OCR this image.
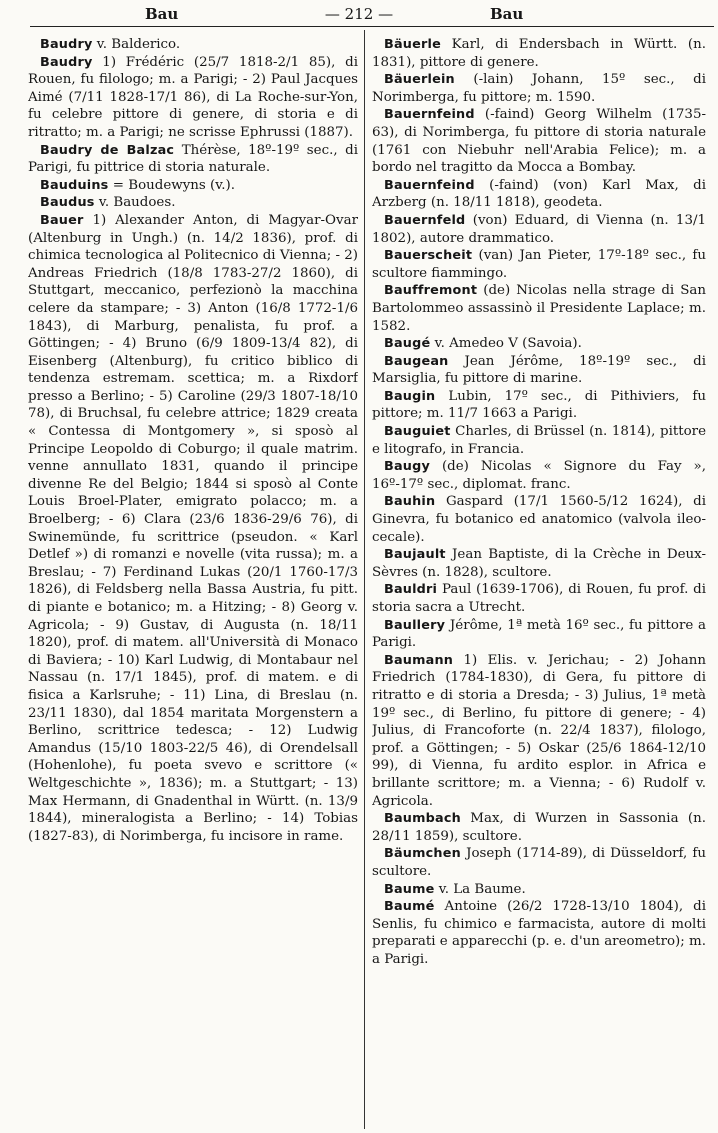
Bau	— 212 —	Bau

Baudry v. Balderico.

Baudry 1) Frédéric (25/7 1818-2/1 85), di Rouen, fu filologo; m. a Parigi; - 2) Paul Jacques Aimé (7/11 1828-17/1 86), di La Roche-sur-Yon, fu celebre pittore di genere, di storia e di ritratto; m. a Parigi; ne scrisse Ephrussi (1887).

Baudry de Balzac Thérèse, 18º-19º sec., di Parigi, fu pittrice di storia naturale.

Bauduins = Boudewyns (v.).

Baudus v. Baudoes.

Bauer 1) Alexander Anton, di Magyar-Ovar (Altenburg in Ungh.) (n. 14/2 1836), prof. di chimica tecnologica al Politecnico di Vienna; - 2) Andreas Friedrich (18/8 1783-27/2 1860), di Stuttgart, meccanico, perfezionò la macchina celere da stampare; - 3) Anton (16/8 1772-1/6 1843), di Marburg, penalista, fu prof. a Göttingen; - 4) Bruno (6/9 1809-13/4 82), di Eisenberg (Altenburg), fu critico biblico di tendenza estremam. scettica; m. a Rixdorf presso a Berlino; - 5) Caroline (29/3 1807-18/10 78), di Bruchsal, fu celebre attrice; 1829 creata « Contessa di Montgomery », si sposò al Principe Leopoldo di Coburgo; il quale matrim. venne annullato 1831, quando il principe divenne Re del Belgio; 1844 si sposò al Conte Louis Broel-Plater, emigrato polacco; m. a Broelberg; - 6) Clara (23/6 1836-29/6 76), di Swinemünde, fu scrittrice (pseudon. « Karl Detlef ») di romanzi e novelle (vita russa); m. a Breslau; - 7) Ferdinand Lukas (20/1 1760-17/3 1826), di Feldsberg nella Bassa Austria, fu pitt. di piante e botanico; m. a Hitzing; - 8) Georg v. Agricola; - 9) Gustav, di Augusta (n. 18/11 1820), prof. di matem. all'Università di Monaco di Baviera; - 10) Karl Ludwig, di Montabaur nel Nassau (n. 17/1 1845), prof. di matem. e di fisica a Karlsruhe; - 11) Lina, di Breslau (n. 23/11 1830), dal 1854 maritata Morgenstern a Berlino, scrittrice tedesca; - 12) Ludwig Amandus (15/10 1803-22/5 46), di Orendelsall (Hohenlohe), fu poeta svevo e scrittore (« Weltgeschichte », 1836); m. a Stuttgart; - 13) Max Hermann, di Gnadenthal in Württ. (n. 13/9 1844), mineralogista a Berlino; - 14) Tobias (1827-83), di Norimberga, fu incisore in rame.

Bäuerle Karl, di Endersbach in Württ. (n. 1831), pittore di genere.

Bäuerlein (-lain) Johann, 15º sec., di Norimberga, fu pittore; m. 1590.

Bauernfeind (-faind) Georg Wilhelm (1735-63), di Norimberga, fu pittore di storia naturale (1761 con Niebuhr nell'Arabia Felice); m. a bordo nel tragitto da Mocca a Bombay.

Bauernfeind (-faind) (von) Karl Max, di Arzberg (n. 18/11 1818), geodeta.

Bauernfeld (von) Eduard, di Vienna (n. 13/1 1802), autore drammatico.

Bauerscheit (van) Jan Pieter, 17º-18º sec., fu scultore fiammingo.

Bauffremont (de) Nicolas nella strage di San Bartolommeo assassinò il Presidente Laplace; m. 1582.

Baugé v. Amedeo V (Savoia).

Baugean Jean Jérôme, 18º-19º sec., di Marsiglia, fu pittore di marine.

Baugin Lubin, 17º sec., di Pithiviers, fu pittore; m. 11/7 1663 a Parigi.

Bauguiet Charles, di Brüssel (n. 1814), pittore e litografo, in Francia.

Baugy (de) Nicolas « Signore du Fay », 16º-17º sec., diplomat. franc.

Bauhin Gaspard (17/1 1560-5/12 1624), di Ginevra, fu botanico ed anatomico (valvola ileo-cecale).

Baujault Jean Baptiste, di la Crèche in Deux-Sèvres (n. 1828), scultore.

Bauldri Paul (1639-1706), di Rouen, fu prof. di storia sacra a Utrecht.

Baullery Jérôme, 1ª metà 16º sec., fu pittore a Parigi.

Baumann 1) Elis. v. Jerichau; - 2) Johann Friedrich (1784-1830), di Gera, fu pittore di ritratto e di storia a Dresda; - 3) Julius, 1ª metà 19º sec., di Berlino, fu pittore di genere; - 4) Julius, di Francoforte (n. 22/4 1837), filologo, prof. a Göttingen; - 5) Oskar (25/6 1864-12/10 99), di Vienna, fu ardito esplor. in Africa e brillante scrittore; m. a Vienna; - 6) Rudolf v. Agricola.

Baumbach Max, di Wurzen in Sassonia (n. 28/11 1859), scultore.

Bäumchen Joseph (1714-89), di Düsseldorf, fu scultore.

Baume v. La Baume.

Baumé Antoine (26/2 1728-13/10 1804), di Senlis, fu chimico e farmacista, autore di molti preparati e apparecchi (p. e. d'un areometro); m. a Parigi.
